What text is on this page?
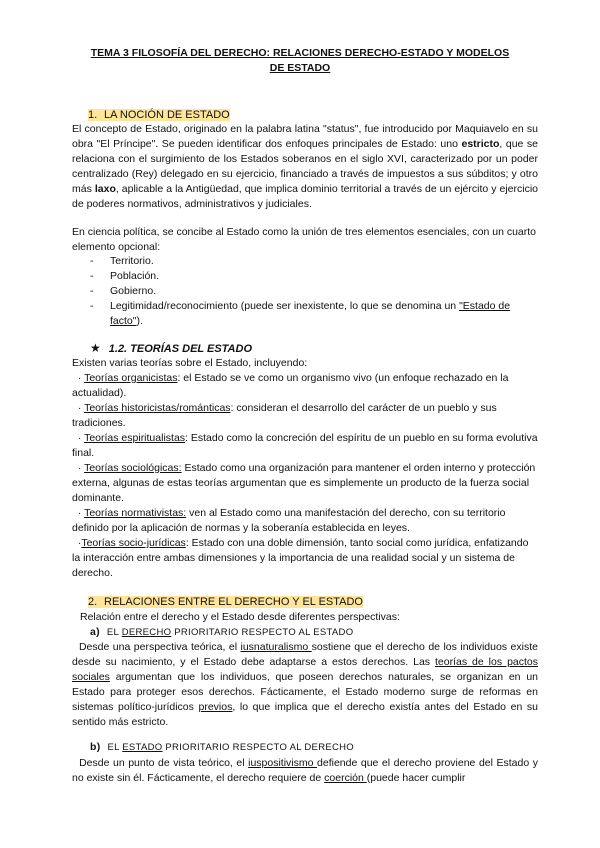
TEMA 3 FILOSOFÍA DEL DERECHO: RELACIONES DERECHO-ESTADO Y MODELOS
DE ESTADO
1. LA NOCIÓN DE ESTADO

El concepto de Estado, originado en la palabra latina "status", fue introducido por Maquiavelo en su obra "El Príncipe". Se pueden identificar dos enfoques principales de Estado: uno estricto, que se relaciona con el surgimiento de los Estados soberanos en el siglo XVI, caracterizado por un poder centralizado (Rey) delegado en su ejercicio, financiado a través de impuestos a sus súbditos; y otro más laxo, aplicable a la Antigüedad, que implica dominio territorial a través de un ejército y ejercicio de poderes normativos, administrativos y judiciales.

En ciencia política, se concibe al Estado como la unión de tres elementos esenciales, con un cuarto elemento opcional:

- Territorio.
- Población.
- Gobierno.
- Legitimidad/reconocimiento (puede ser inexistente, lo que se denomina un "Estado de facto").
★ 1.2. TEORÍAS DEL ESTADO

Existen varias teorías sobre el Estado, incluyendo:

· Teorías organicistas: el Estado se ve como un organismo vivo (un enfoque rechazado en la actualidad).

· Teorías historicistas/románticas: consideran el desarrollo del carácter de un pueblo y sus tradiciones.

· Teorías espiritualistas: Estado como la concreción del espíritu de un pueblo en su forma evolutiva final.

· Teorías sociológicas: Estado como una organización para mantener el orden interno y protección externa, algunas de estas teorías argumentan que es simplemente un producto de la fuerza social dominante.

· Teorías normativistas: ven al Estado como una manifestación del derecho, con su territorio definido por la aplicación de normas y la soberanía establecida en leyes.

·Teorías socio-jurídicas: Estado con una doble dimensión, tanto social como jurídica, enfatizando la interacción entre ambas dimensiones y la importancia de una realidad social y un sistema de derecho.

2. RELACIONES ENTRE EL DERECHO Y EL ESTADO

Relación entre el derecho y el Estado desde diferentes perspectivas:

a) EL DERECHO PRIORITARIO RESPECTO AL ESTADO

Desde una perspectiva teórica, el iusnaturalismo sostiene que el derecho de los individuos existe desde su nacimiento, y el Estado debe adaptarse a estos derechos. Las teorías de los pactos sociales argumentan que los individuos, que poseen derechos naturales, se organizan en un Estado para proteger esos derechos. Fácticamente, el Estado moderno surge de reformas en sistemas político-jurídicos previos, lo que implica que el derecho existía antes del Estado en su sentido más estricto.

b) EL ESTADO PRIORITARIO RESPECTO AL DERECHO

Desde un punto de vista teórico, el iuspositivismo defiende que el derecho proviene del Estado y no existe sin él. Fácticamente, el derecho requiere de coerción (puede hacer cumplir
